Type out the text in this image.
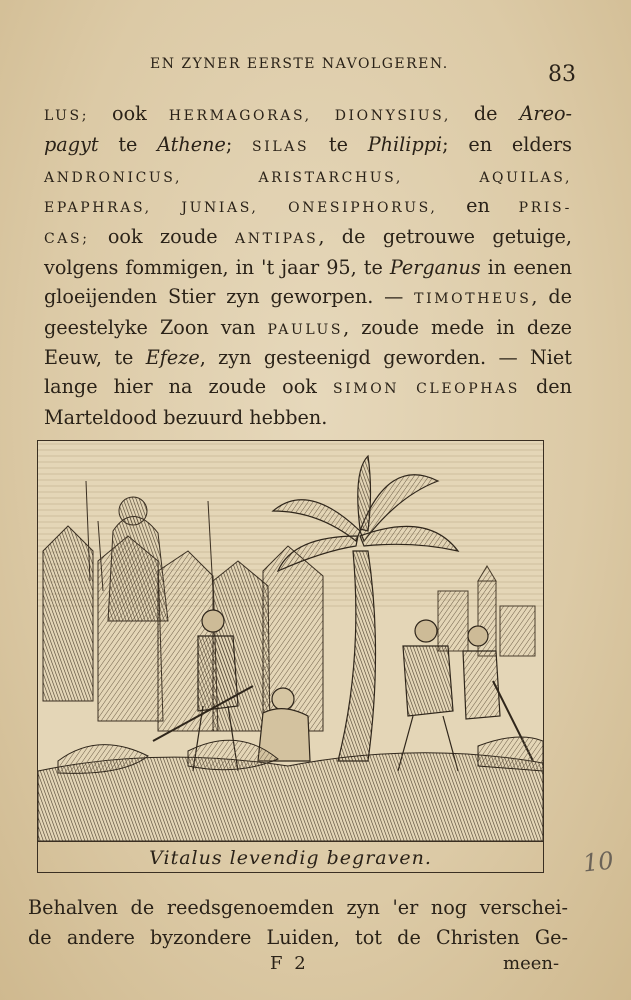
EN ZYNER EERSTE NAVOLGEREN.	83
LUS; ook HERMAGORAS, DIONYSIUS, de Areo-
pagyt te Athene; SILAS te Philippi; en elders
ANDRONICUS, ARISTARCHUS, AQUILAS,
EPAPHRAS, JUNIAS, ONESIPHORUS, en PRIS-
CAS; ook zoude ANTIPAS, de getrouwe getuige,
volgens fommigen, in 't jaar 95, te Perganus in eenen
gloeijenden Stier zyn geworpen. — TIMOTHEUS, de
geestelyke Zoon van PAULUS, zoude mede in deze
Eeuw, te Efeze, zyn gesteenigd geworden. — Niet
lange hier na zoude ook SIMON CLEOPHAS den
Marteldood bezuurd hebben.
Vitalus levendig begraven.	10
Behalven de reedsgenoemden zyn 'er nog verschei-
de andere byzondere Luiden, tot de Christen Ge-
F 2	meen-
